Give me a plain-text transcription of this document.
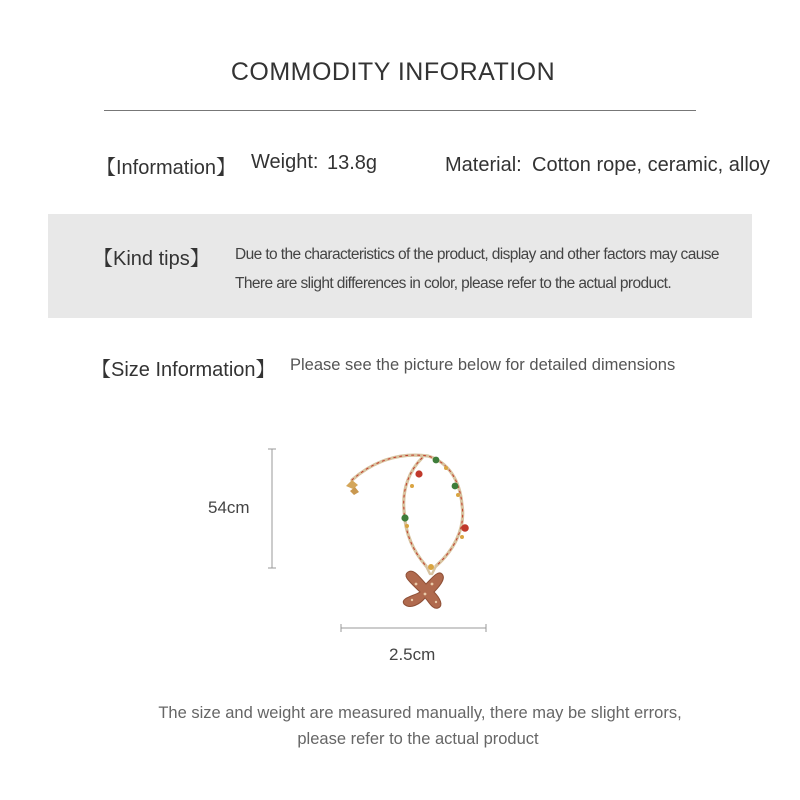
COMMODITY INFORATION
【Information】 Weight: 13.8g	Material: Cotton rope, ceramic, alloy
【Kind tips】 Due to the characteristics of the product, display and other factors may cause
There are slight differences in color, please refer to the actual product.
【Size Information】 Please see the picture below for detailed dimensions
54cm
2.5cm
The size and weight are measured manually, there may be slight errors,
please refer to the actual product
